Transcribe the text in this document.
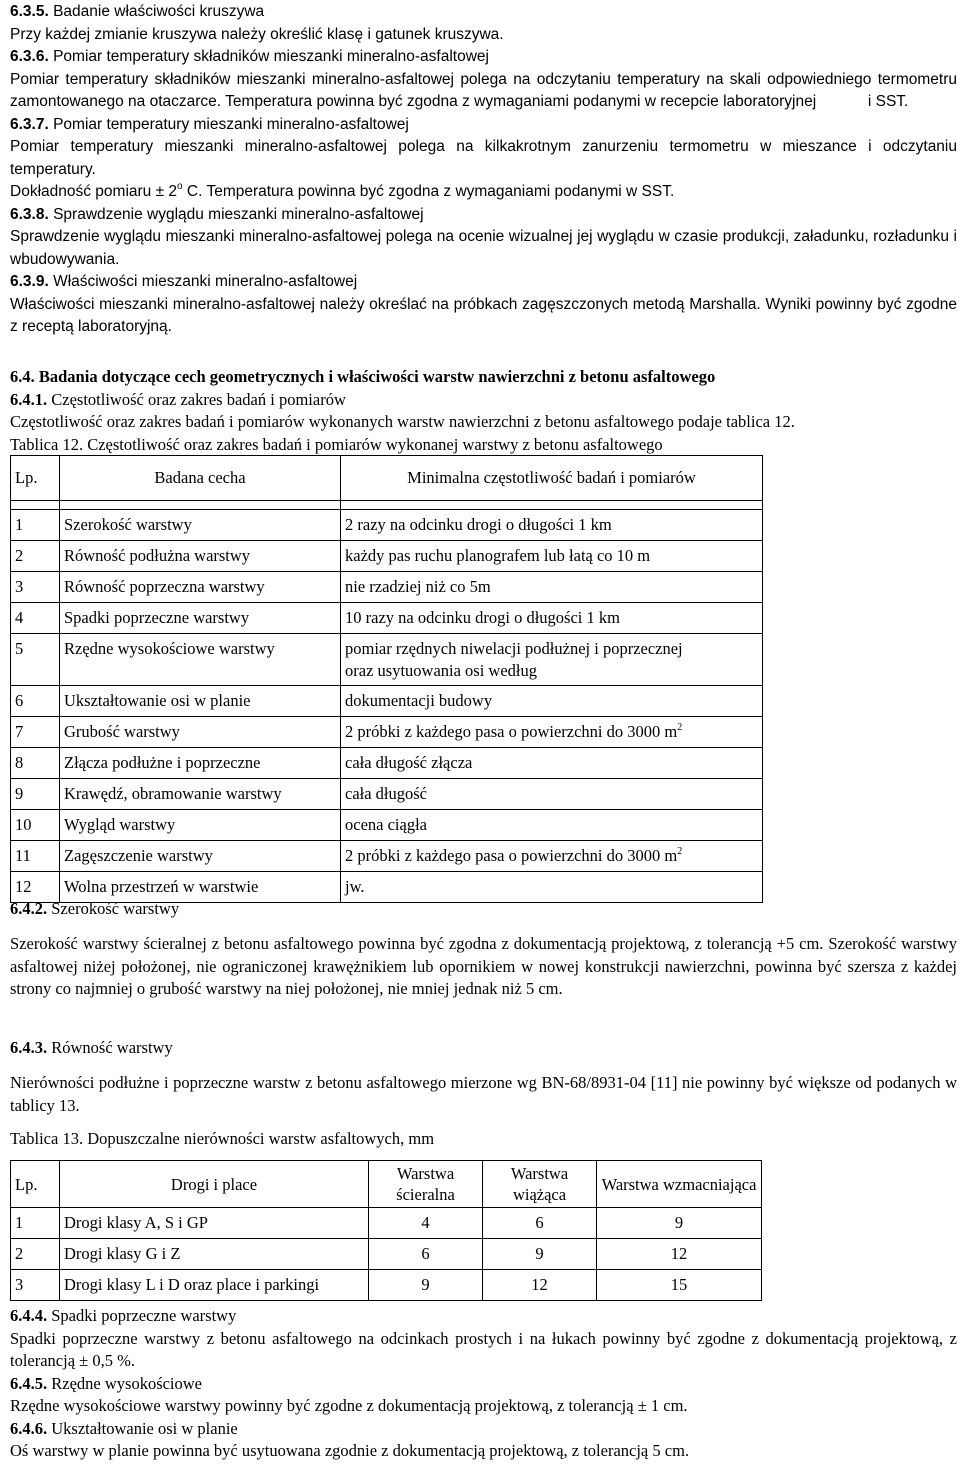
6.3.5. Badanie właściwości kruszywa
Przy każdej zmianie kruszywa należy określić klasę i gatunek kruszywa.
6.3.6. Pomiar temperatury składników mieszanki mineralno-asfaltowej

Pomiar temperatury składników mieszanki mineralno-asfaltowej polega na odczytaniu temperatury na skali odpowiedniego termometru zamontowanego na otaczarce. Temperatura powinna być zgodna z wymaganiami podanymi w recepcie laboratoryjnej	i SST.

6.3.7. Pomiar temperatury mieszanki mineralno-asfaltowej

Pomiar temperatury mieszanki mineralno-asfaltowej polega na kilkakrotnym zanurzeniu termometru w mieszance i odczytaniu temperatury.

Dokładność pomiaru ± $2^o$ C. Temperatura powinna być zgodna z wymaganiami podanymi w SST.
6.3.8. Sprawdzenie wyglądu mieszanki mineralno-asfaltowej

Sprawdzenie wyglądu mieszanki mineralno-asfaltowej polega na ocenie wizualnej jej wyglądu w czasie produkcji, załadunku, rozładunku i wbudowywania.

6.3.9. Właściwości mieszanki mineralno-asfaltowej

Właściwości mieszanki mineralno-asfaltowej należy określać na próbkach zagęszczonych metodą Marshalla. Wyniki powinny być zgodne z receptą laboratoryjną.

6.4. Badania dotyczące cech geometrycznych i właściwości warstw nawierzchni z betonu asfaltowego
6.4.1. Częstotliwość oraz zakres badań i pomiarów
Częstotliwość oraz zakres badań i pomiarów wykonanych warstw nawierzchni z betonu asfaltowego podaje tablica 12.
Tablica 12. Częstotliwość oraz zakres badań i pomiarów wykonanej warstwy z betonu asfaltowego
Lp.	Badana cecha	Minimalna częstotliwość badań i pomiarów

1	Szerokość warstwy	2 razy na odcinku drogi o długości 1 km
2	Równość podłużna warstwy	każdy pas ruchu planografem lub łatą co 10 m
3	Równość poprzeczna warstwy	nie rzadziej niż co 5m
4	Spadki poprzeczne warstwy	10 razy na odcinku drogi o długości 1 km
5	Rzędne wysokościowe warstwy	pomiar rzędnych niwelacji podłużnej i poprzecznej
oraz usytuowania osi według
6	Ukształtowanie osi w planie	dokumentacji budowy
7	Grubość warstwy	2 próbki z każdego pasa o powierzchni do 3000 $m^2$
8	Złącza podłużne i poprzeczne	cała długość złącza
9	Krawędź, obramowanie warstwy	cała długość
10	Wygląd warstwy	ocena ciągła
11	Zagęszczenie warstwy	2 próbki z każdego pasa o powierzchni do 3000 $m^2$
12	Wolna przestrzeń w warstwie	jw.
6.4.2. Szerokość warstwy

Szerokość warstwy ścieralnej z betonu asfaltowego powinna być zgodna z dokumentacją projektową, z tolerancją +5 cm. Szerokość warstwy asfaltowej niżej położonej, nie ograniczonej krawężnikiem lub opornikiem w nowej konstrukcji nawierzchni, powinna być szersza z każdej strony co najmniej o grubość warstwy na niej położonej, nie mniej jednak niż 5 cm.

6.4.3. Równość warstwy

Nierówności podłużne i poprzeczne warstw z betonu asfaltowego mierzone wg BN-68/8931-04 [11] nie powinny być większe od podanych w tablicy 13.

Tablica 13. Dopuszczalne nierówności warstw asfaltowych, mm
Lp.	Drogi i place	Warstwa ścieralna	Warstwa wiążąca	Warstwa wzmacniająca
1	Drogi klasy A, S i GP	4	6	9
2	Drogi klasy G i Z	6	9	12
3	Drogi klasy L i D oraz place i parkingi	9	12	15
6.4.4. Spadki poprzeczne warstwy

Spadki poprzeczne warstwy z betonu asfaltowego na odcinkach prostych i na łukach powinny być zgodne z dokumentacją projektową, z tolerancją ± 0,5 %.

6.4.5. Rzędne wysokościowe
Rzędne wysokościowe warstwy powinny być zgodne z dokumentacją projektową, z tolerancją ± 1 cm.
6.4.6. Ukształtowanie osi w planie
Oś warstwy w planie powinna być usytuowana zgodnie z dokumentacją projektową, z tolerancją 5 cm.
